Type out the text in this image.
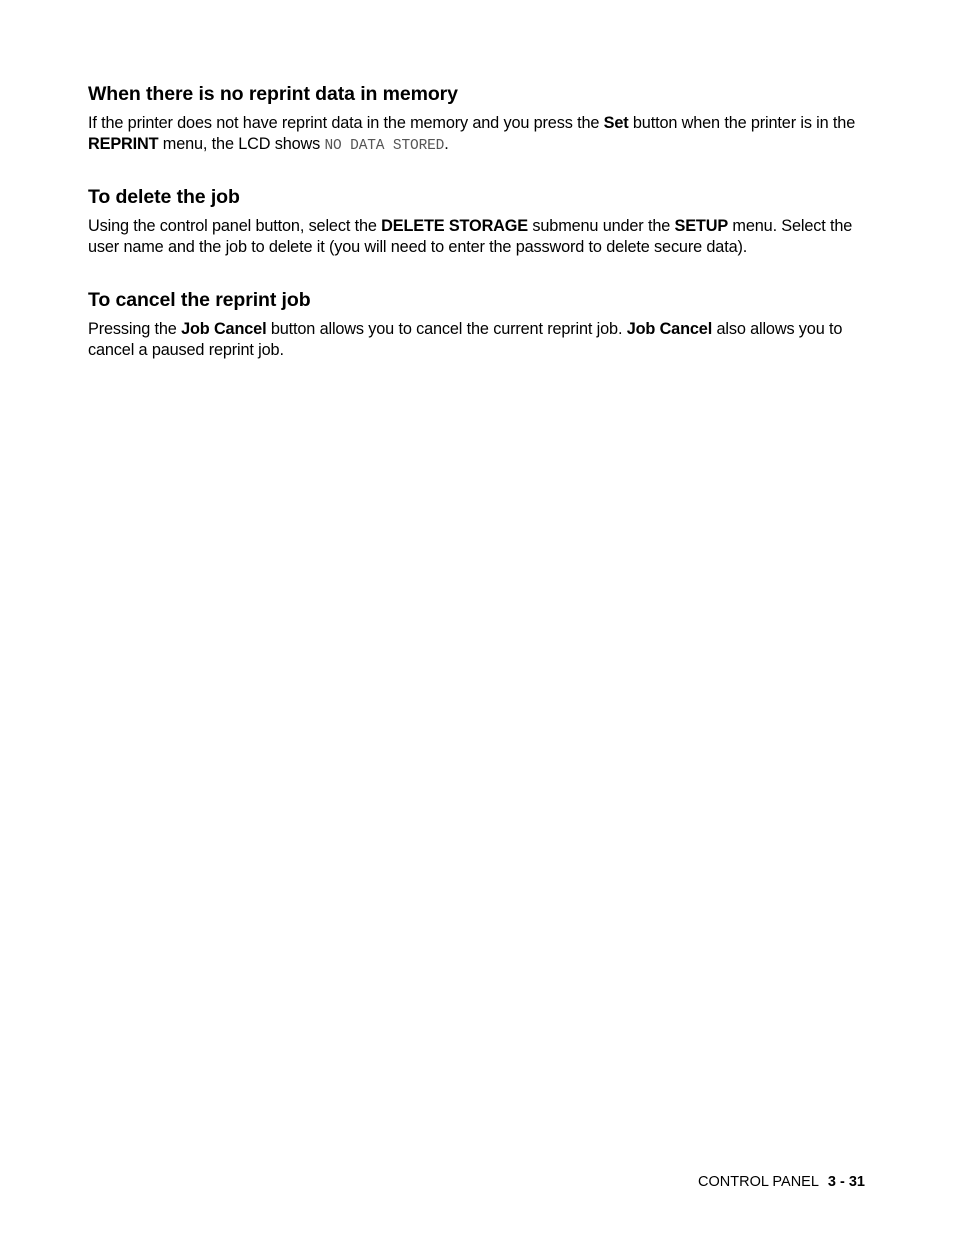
When there is no reprint data in memory

If the printer does not have reprint data in the memory and you press the Set button when the printer is in the REPRINT menu, the LCD shows NO DATA STORED.

To delete the job

Using the control panel button, select the DELETE STORAGE submenu under the SETUP menu. Select the user name and the job to delete it (you will need to enter the password to delete secure data).

To cancel the reprint job

Pressing the Job Cancel button allows you to cancel the current reprint job. Job Cancel also allows you to cancel a paused reprint job.

CONTROL PANEL 3 - 31
